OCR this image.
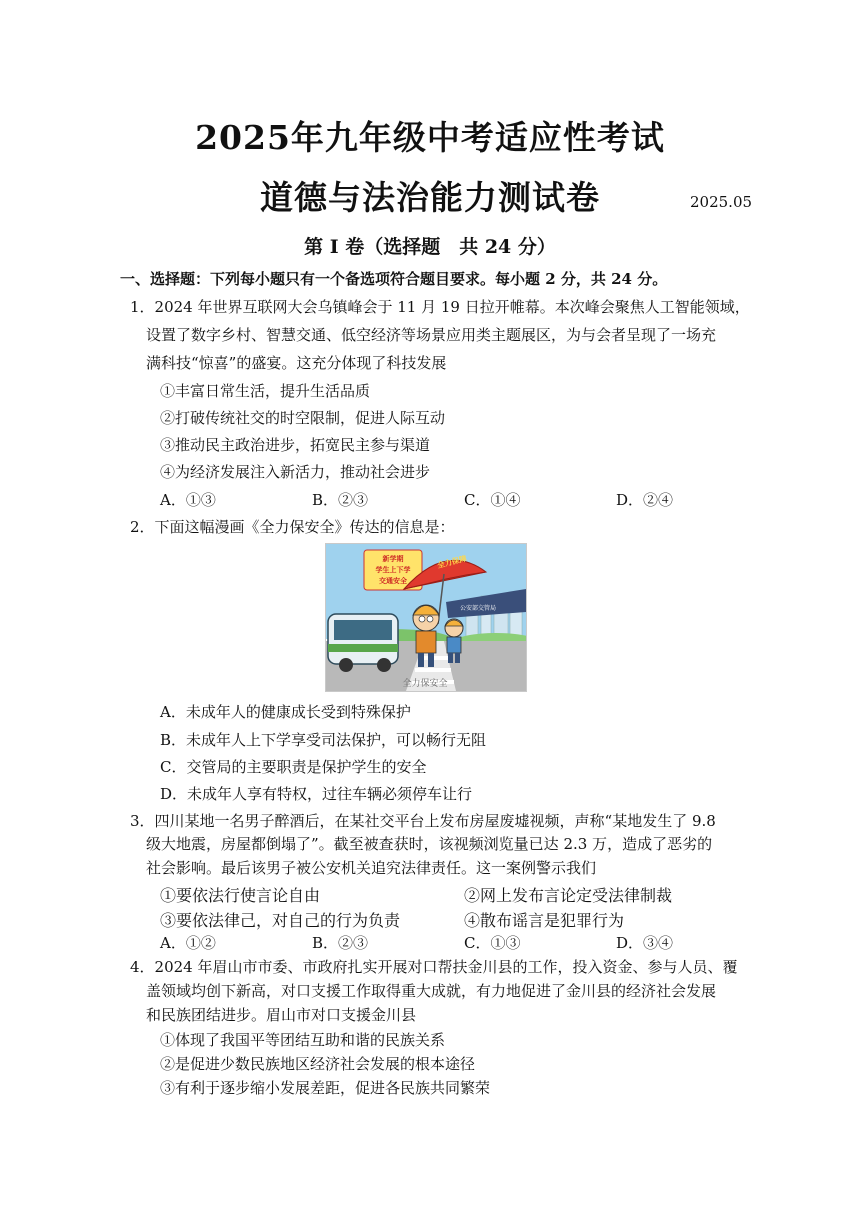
2025年九年级中考适应性考试
道德与法治能力测试卷	2025.05
第 I 卷（选择题　共 24 分）
一、选择题：下列每小题只有一个备选项符合题目要求。每小题 2 分，共 24 分。
1．2024 年世界互联网大会乌镇峰会于 11 月 19 日拉开帷幕。本次峰会聚焦人工智能领域，
设置了数字乡村、智慧交通、低空经济等场景应用类主题展区，为与会者呈现了一场充
满科技“惊喜”的盛宴。这充分体现了科技发展
①丰富日常生活，提升生活品质
②打破传统社交的时空限制，促进人际互动
③推动民主政治进步，拓宽民主参与渠道
④为经济发展注入新活力，推动社会进步
A．①③	B．②③	C．①④	D．②④
2．下面这幅漫画《全力保安全》传达的信息是：
新学期
学生上下学
交通安全
全力保障
公安部交管局
全力保安全
A．未成年人的健康成长受到特殊保护
B．未成年人上下学享受司法保护，可以畅行无阻
C．交管局的主要职责是保护学生的安全
D．未成年人享有特权，过往车辆必须停车让行
3．四川某地一名男子醉酒后，在某社交平台上发布房屋废墟视频，声称“某地发生了 9.8
级大地震，房屋都倒塌了”。截至被查获时，该视频浏览量已达 2.3 万，造成了恶劣的
社会影响。最后该男子被公安机关追究法律责任。这一案例警示我们
①要依法行使言论自由	②网上发布言论定受法律制裁
③要依法律己，对自己的行为负责	④散布谣言是犯罪行为
A．①②	B．②③	C．①③	D．③④
4．2024 年眉山市市委、市政府扎实开展对口帮扶金川县的工作，投入资金、参与人员、覆
盖领域均创下新高，对口支援工作取得重大成就，有力地促进了金川县的经济社会发展
和民族团结进步。眉山市对口支援金川县
①体现了我国平等团结互助和谐的民族关系
②是促进少数民族地区经济社会发展的根本途径
③有利于逐步缩小发展差距，促进各民族共同繁荣
